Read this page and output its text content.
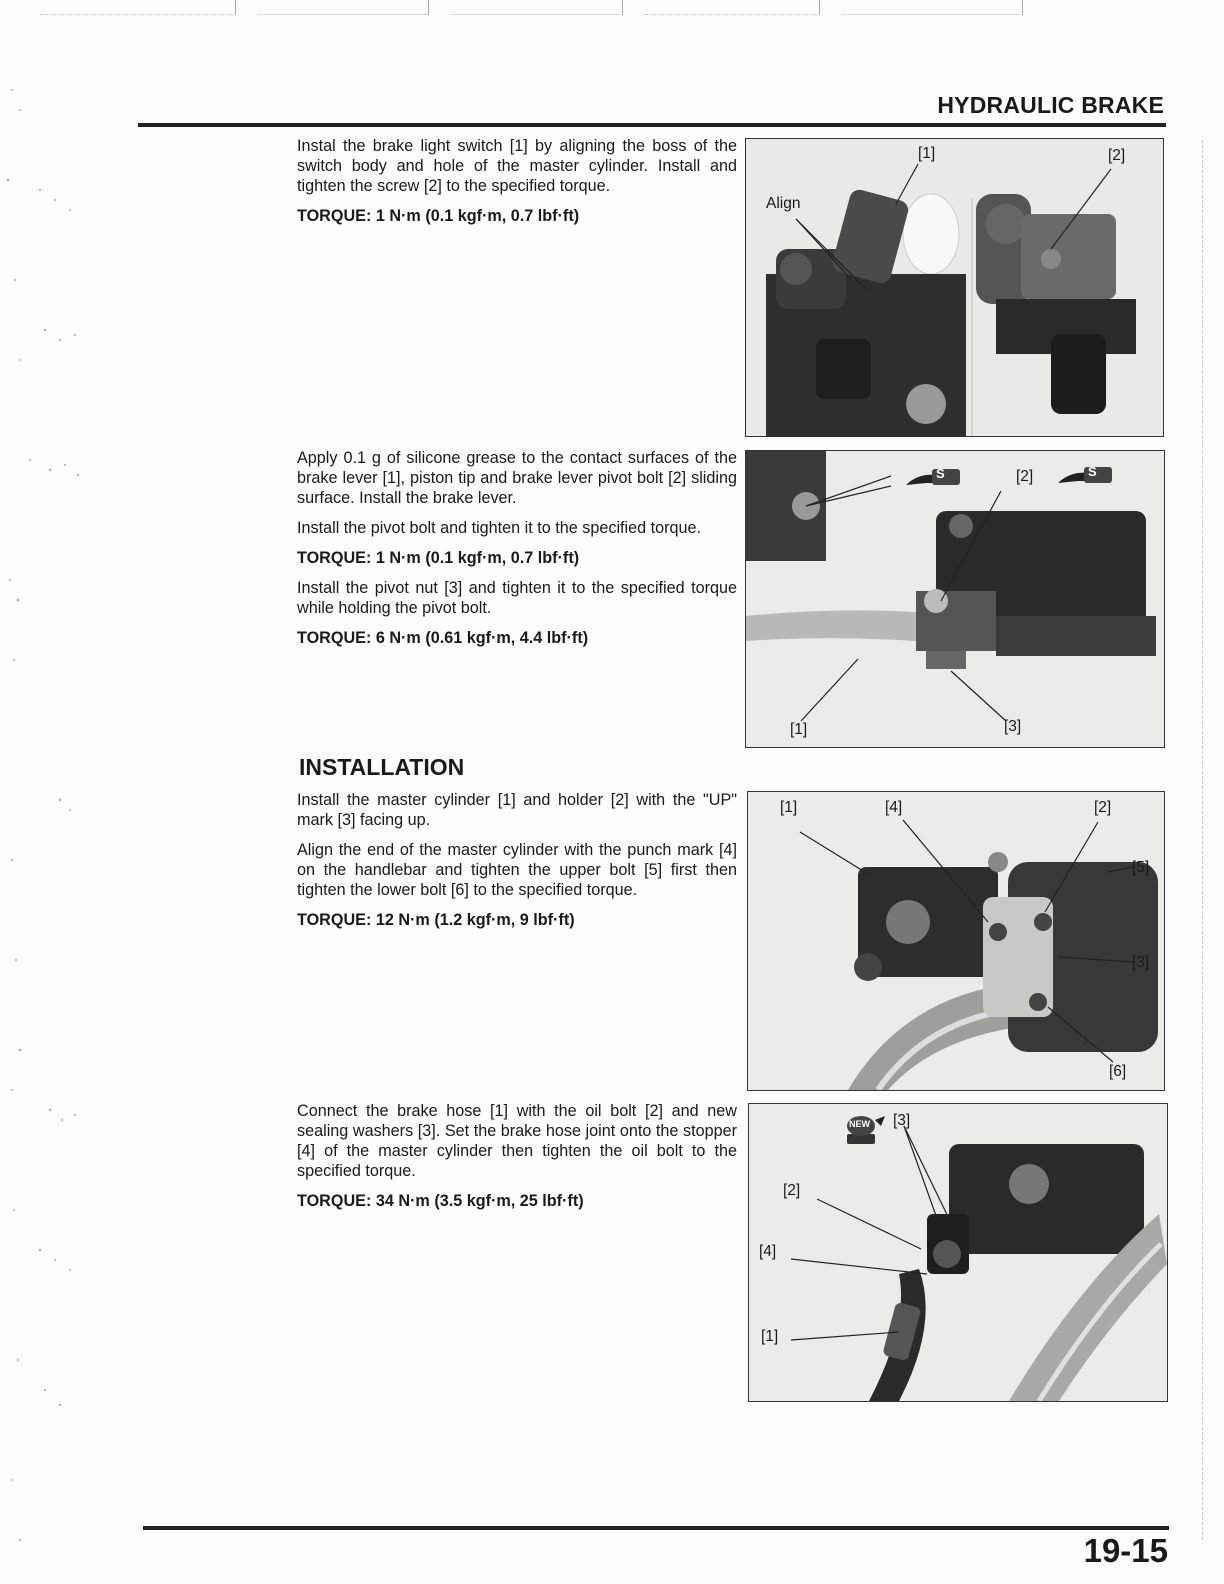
HYDRAULIC BRAKE

Instal the brake light switch [1] by aligning the boss of the switch body and hole of the master cylinder. Install and tighten the screw [2] to the specified torque.

TORQUE: 1 N·m (0.1 kgf·m, 0.7 lbf·ft)

Align
[1]	[2]

Apply 0.1 g of silicone grease to the contact surfaces of the brake lever [1], piston tip and brake lever pivot bolt [2] sliding surface. Install the brake lever.

Install the pivot bolt and tighten it to the specified torque.

TORQUE: 1 N·m (0.1 kgf·m, 0.7 lbf·ft)

Install the pivot nut [3] and tighten it to the specified torque while holding the pivot bolt.

TORQUE: 6 N·m (0.61 kgf·m, 4.4 lbf·ft)

S	S
[2]
[1]	[3]
INSTALLATION

Install the master cylinder [1] and holder [2] with the "UP" mark [3] facing up.

Align the end of the master cylinder with the punch mark [4] on the handlebar and tighten the upper bolt [5] first then tighten the lower bolt [6] to the specified torque.

TORQUE: 12 N·m (1.2 kgf·m, 9 lbf·ft)

[1]	[4]	[2]
[5]
[3]
[6]

Connect the brake hose [1] with the oil bolt [2] and new sealing washers [3]. Set the brake hose joint onto the stopper [4] of the master cylinder then tighten the oil bolt to the specified torque.

TORQUE: 34 N·m (3.5 kgf·m, 25 lbf·ft)

NEW [3]
[2]
[4]
[1]

19-15
